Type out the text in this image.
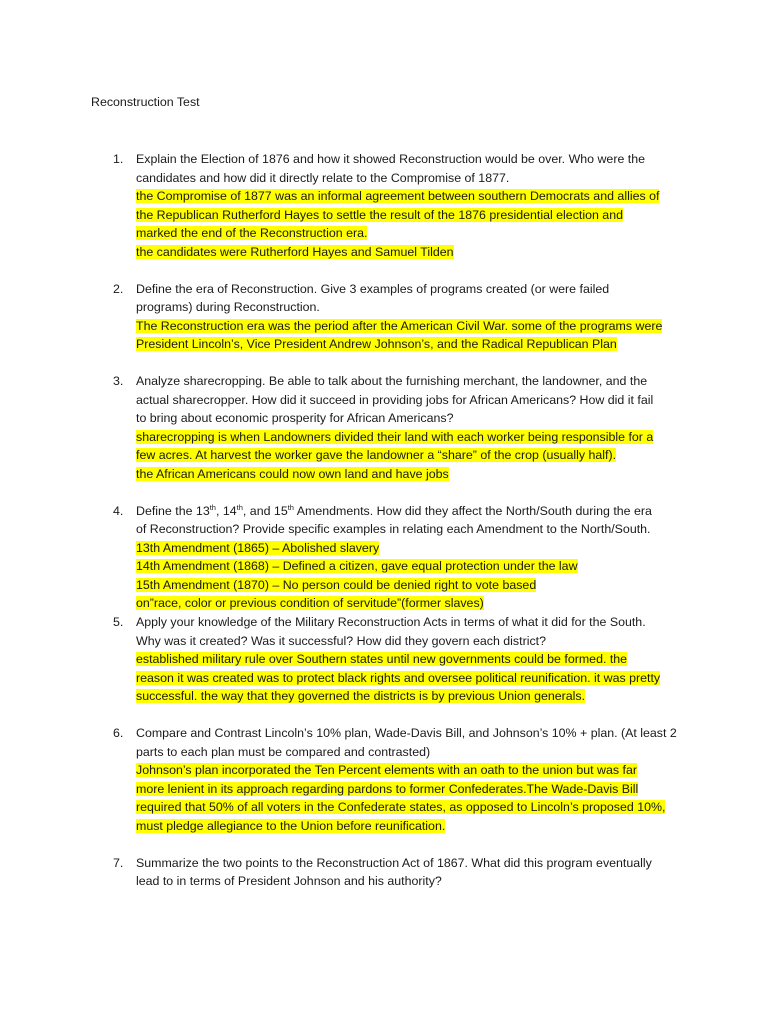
Reconstruction Test
1. Explain the Election of 1876 and how it showed Reconstruction would be over. Who were the
candidates and how did it directly relate to the Compromise of 1877.
the Compromise of 1877 was an informal agreement between southern Democrats and allies of
the Republican Rutherford Hayes to settle the result of the 1876 presidential election and
marked the end of the Reconstruction era.
the candidates were Rutherford Hayes and Samuel Tilden
2. Define the era of Reconstruction. Give 3 examples of programs created (or were failed
programs) during Reconstruction.
The Reconstruction era was the period after the American Civil War. some of the programs were
President Lincoln’s, Vice President Andrew Johnson’s, and the Radical Republican Plan
3. Analyze sharecropping. Be able to talk about the furnishing merchant, the landowner, and the
actual sharecropper. How did it succeed in providing jobs for African Americans? How did it fail
to bring about economic prosperity for African Americans?
sharecropping is when Landowners divided their land with each worker being responsible for a
few acres. At harvest the worker gave the landowner a “share” of the crop (usually half).
the African Americans could now own land and have jobs
4. Define the 13th, 14th, and 15th Amendments. How did they affect the North/South during the era
of Reconstruction? Provide specific examples in relating each Amendment to the North/South.
13th Amendment (1865) – Abolished slavery
14th Amendment (1868) – Defined a citizen, gave equal protection under the law
15th Amendment (1870) – No person could be denied right to vote based
on”race, color or previous condition of servitude”(former slaves)
5. Apply your knowledge of the Military Reconstruction Acts in terms of what it did for the South.
Why was it created? Was it successful? How did they govern each district?
established military rule over Southern states until new governments could be formed. the
reason it was created was to protect black rights and oversee political reunification. it was pretty
successful. the way that they governed the districts is by previous Union generals.
6. Compare and Contrast Lincoln’s 10% plan, Wade-Davis Bill, and Johnson’s 10% + plan. (At least 2
parts to each plan must be compared and contrasted)
Johnson’s plan incorporated the Ten Percent elements with an oath to the union but was far
more lenient in its approach regarding pardons to former Confederates.The Wade-Davis Bill
required that 50% of all voters in the Confederate states, as opposed to Lincoln’s proposed 10%,
must pledge allegiance to the Union before reunification.
7. Summarize the two points to the Reconstruction Act of 1867. What did this program eventually
lead to in terms of President Johnson and his authority?
